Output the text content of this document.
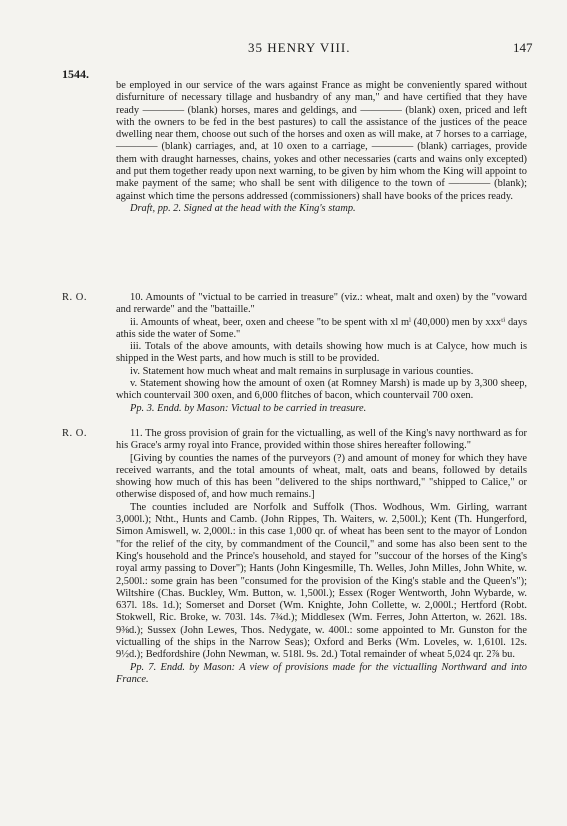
35 HENRY VIII.	147
1544.

be employed in our service of the wars against France as might be conveniently spared without disfurniture of necessary tillage and husbandry of any man," and have certified that they have ready ———— (blank) horses, mares and geldings, and ———— (blank) oxen, priced and left with the owners to be fed in the best pastures) to call the assistance of the justices of the peace dwelling near them, choose out such of the horses and oxen as will make, at 7 horses to a carriage, ———— (blank) carriages, and, at 10 oxen to a carriage, ———— (blank) carriages, provide them with draught harnesses, chains, yokes and other necessaries (carts and wains only excepted) and put them together ready upon next warning, to be given by him whom the King will appoint to make payment of the same; who shall be sent with diligence to the town of ———— (blank); against which time the persons addressed (commissioners) shall have books of the prices ready.

Draft, pp. 2. Signed at the head with the King's stamp.

R. O.	10. Amounts of "victual to be carried in treasure" (viz.: wheat, malt and oxen) by the "voward and rerwarde" and the "battaille."

ii. Amounts of wheat, beer, oxen and cheese "to be spent with xl mˡ (40,000) men by xxxᵗⁱ days athis side the water of Some."

iii. Totals of the above amounts, with details showing how much is at Calyce, how much is shipped in the West parts, and how much is still to be provided.

iv. Statement how much wheat and malt remains in surplusage in various counties.

v. Statement showing how the amount of oxen (at Romney Marsh) is made up by 3,300 sheep, which countervail 300 oxen, and 6,000 flitches of bacon, which countervail 700 oxen.

Pp. 3. Endd. by Mason: Victual to be carried in treasure.

R. O.	11. The gross provision of grain for the victualling, as well of the King's navy northward as for his Grace's army royal into France, provided within those shires hereafter following."

[Giving by counties the names of the purveyors (?) and amount of money for which they have received warrants, and the total amounts of wheat, malt, oats and beans, followed by details showing how much of this has been "delivered to the ships northward," "shipped to Calice," or otherwise disposed of, and how much remains.]

The counties included are Norfolk and Suffolk (Thos. Wodhous, Wm. Girling, warrant 3,000l.); Ntht., Hunts and Camb. (John Rippes, Th. Waiters, w. 2,500l.); Kent (Th. Hungerford, Simon Amiswell, w. 2,000l.: in this case 1,000 qr. of wheat has been sent to the mayor of London "for the relief of the city, by commandment of the Council," and some has also been sent to the King's household and the Prince's household, and stayed for "succour of the horses of the King's royal army passing to Dover"); Hants (John Kingesmille, Th. Welles, John Milles, John White, w. 2,500l.: some grain has been "consumed for the provision of the King's stable and the Queen's"); Wiltshire (Chas. Buckley, Wm. Button, w. 1,500l.); Essex (Roger Wentworth, John Wybarde, w. 637l. 18s. 1d.); Somerset and Dorset (Wm. Knighte, John Collette, w. 2,000l.; Hertford (Robt. Stokwell, Ric. Broke, w. 703l. 14s. 7¾d.); Middlesex (Wm. Ferres, John Atterton, w. 262l. 18s. 9⅜d.); Sussex (John Lewes, Thos. Nedygate, w. 400l.: some appointed to Mr. Gunston for the victualling of the ships in the Narrow Seas); Oxford and Berks (Wm. Loveles, w. 1,610l. 12s. 9½d.); Bedfordshire (John Newman, w. 518l. 9s. 2d.) Total remainder of wheat 5,024 qr. 2⅞ bu.

Pp. 7. Endd. by Mason: A view of provisions made for the victualling Northward and into France.
